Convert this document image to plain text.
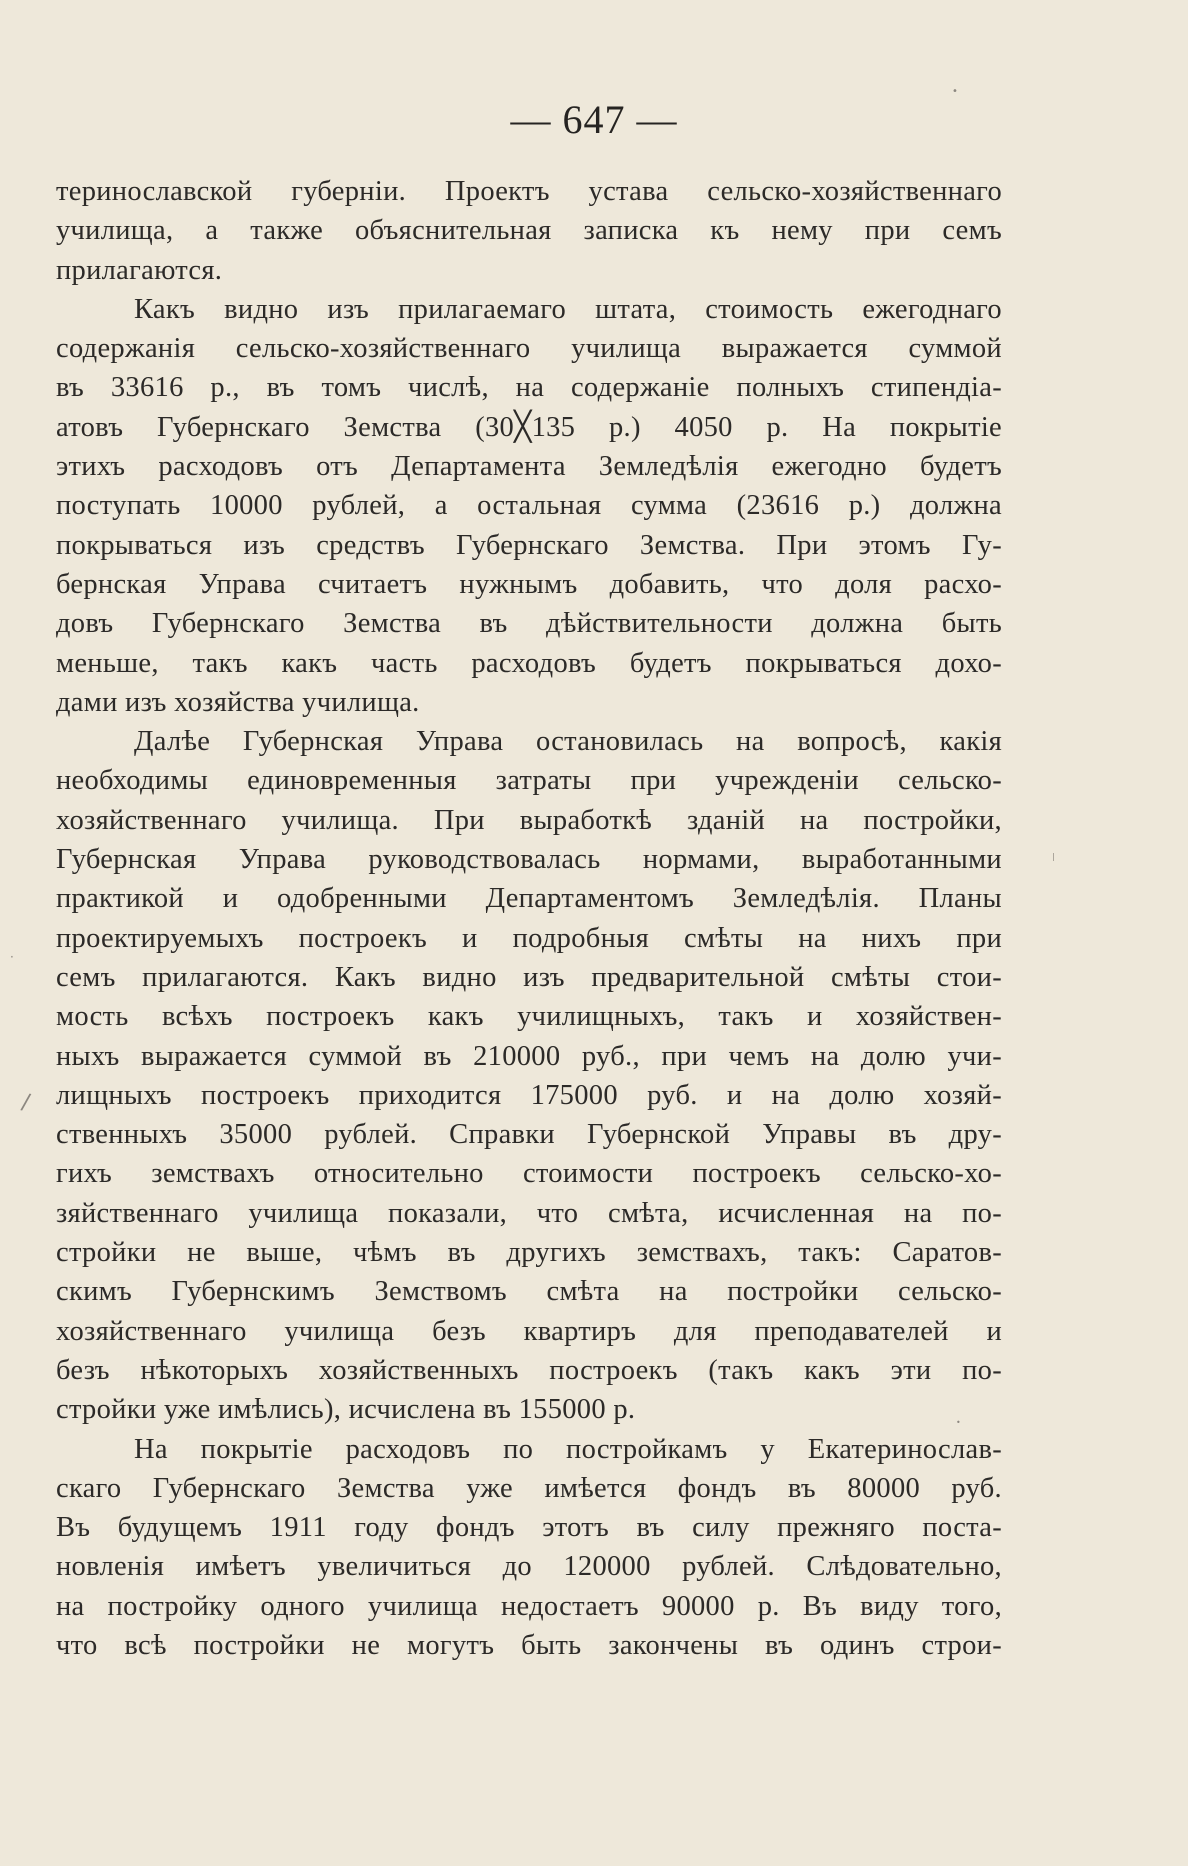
— 647 —
теринославской губерніи. Проектъ устава сельско-хозяйственнаго
училища, а также объяснительная записка къ нему при семъ
прилагаются.
Какъ видно изъ прилагаемаго штата, стоимость ежегоднаго
содержанія сельско-хозяйственнаго училища выражается суммой
въ 33616 р., въ томъ числѣ, на содержаніе полныхъ стипендіа-
атовъ Губернскаго Земства (30╳135 р.) 4050 р. На покрытіе
этихъ расходовъ отъ Департамента Земледѣлія ежегодно будетъ
поступать 10000 рублей, а остальная сумма (23616 р.) должна
покрываться изъ средствъ Губернскаго Земства. При этомъ Гу-
бернская Управа считаетъ нужнымъ добавить, что доля расхо-
довъ Губернскаго Земства въ дѣйствительности должна быть
меньше, такъ какъ часть расходовъ будетъ покрываться дохо-
дами изъ хозяйства училища.
Далѣе Губернская Управа остановилась на вопросѣ, какія
необходимы единовременныя затраты при учрежденіи сельско-
хозяйственнаго училища. При выработкѣ зданій на постройки,
Губернская Управа руководствовалась нормами, выработанными
практикой и одобренными Департаментомъ Земледѣлія. Планы
проектируемыхъ построекъ и подробныя смѣты на нихъ при
семъ прилагаются. Какъ видно изъ предварительной смѣты стои-
мость всѣхъ построекъ какъ училищныхъ, такъ и хозяйствен-
ныхъ выражается суммой въ 210000 руб., при чемъ на долю учи-
лищныхъ построекъ приходится 175000 руб. и на долю хозяй-
ственныхъ 35000 рублей. Справки Губернской Управы въ дру-
гихъ земствахъ относительно стоимости построекъ сельско-хо-
зяйственнаго училища показали, что смѣта, исчисленная на по-
стройки не выше, чѣмъ въ другихъ земствахъ, такъ: Саратов-
скимъ Губернскимъ Земствомъ смѣта на постройки сельско-
хозяйственнаго училища безъ квартиръ для преподавателей и
безъ нѣкоторыхъ хозяйственныхъ построекъ (такъ какъ эти по-
стройки уже имѣлись), исчислена въ 155000 р.
На покрытіе расходовъ по постройкамъ у Екатеринослав-
скаго Губернскаго Земства уже имѣется фондъ въ 80000 руб.
Въ будущемъ 1911 году фондъ этотъ въ силу прежняго поста-
новленія имѣетъ увеличиться до 120000 рублей. Слѣдовательно,
на постройку одного училища недостаетъ 90000 р. Въ виду того,
что всѣ постройки не могутъ быть закончены въ одинъ строи-
•
/
|
·
•
